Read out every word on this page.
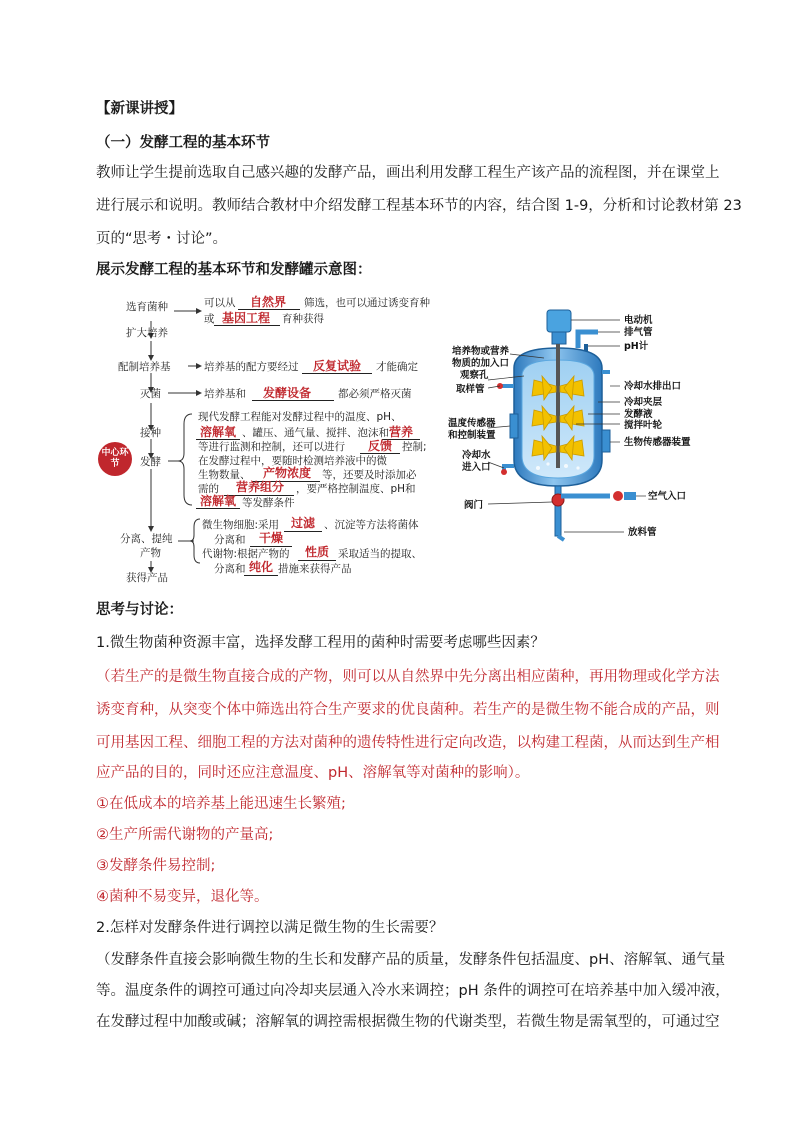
【新课讲授】
（一）发酵工程的基本环节
教师让学生提前选取自己感兴趣的发酵产品，画出利用发酵工程生产该产品的流程图，并在课堂上
进行展示和说明。教师结合教材中介绍发酵工程基本环节的内容，结合图 1-9，分析和讨论教材第 23
页的“思考・讨论”。
展示发酵工程的基本环节和发酵罐示意图：
选育菌种
扩大培养
配制培养基
灭菌
接种
发酵
分离、提纯
产物
获得产品
中心环节
可以从	自然界	筛选，也可以通过诱变育种
或 基因工程	育种获得
培养基的配方要经过	反复试验	才能确定
培养基和	发酵设备	都必须严格灭菌
现代发酵工程能对发酵过程中的温度、pH、
溶解氧 、罐压、通气量、搅拌、泡沫和 营养
等进行监测和控制，还可以进行	反馈 控制;
在发酵过程中，要随时检测培养液中的微
生物数量、	产物浓度	等，还要及时添加必
需的	营养组分	，要严格控制温度、pH和
溶解氧 等发酵条件
微生物细胞:采用 过滤 、沉淀等方法将菌体
分离和	干燥
代谢物:根据产物的 性质 采取适当的提取、
分离和 纯化 措施来获得产品
电动机
排气管
pH计
培养物或营养
物质的加入口
观察孔
取样管	冷却水排出口
冷却夹层
发酵液
搅拌叶轮
温度传感器
和控制装置
生物传感器装置
冷却水
进入口
阀门
空气入口
放料管
思考与讨论：
1.微生物菌种资源丰富，选择发酵工程用的菌种时需要考虑哪些因素？
（若生产的是微生物直接合成的产物，则可以从自然界中先分离出相应菌种，再用物理或化学方法
诱变育种，从突变个体中筛选出符合生产要求的优良菌种。若生产的是微生物不能合成的产品，则
可用基因工程、细胞工程的方法对菌种的遗传特性进行定向改造，以构建工程菌，从而达到生产相
应产品的目的，同时还应注意温度、pH、溶解氧等对菌种的影响）。
①在低成本的培养基上能迅速生长繁殖;
②生产所需代谢物的产量高;
③发酵条件易控制;
④菌种不易变异，退化等。
2.怎样对发酵条件进行调控以满足微生物的生长需要？
（发酵条件直接会影响微生物的生长和发酵产品的质量，发酵条件包括温度、pH、溶解氧、通气量
等。温度条件的调控可通过向冷却夹层通入冷水来调控；pH 条件的调控可在培养基中加入缓冲液，
在发酵过程中加酸或碱；溶解氧的调控需根据微生物的代谢类型，若微生物是需氧型的，可通过空
